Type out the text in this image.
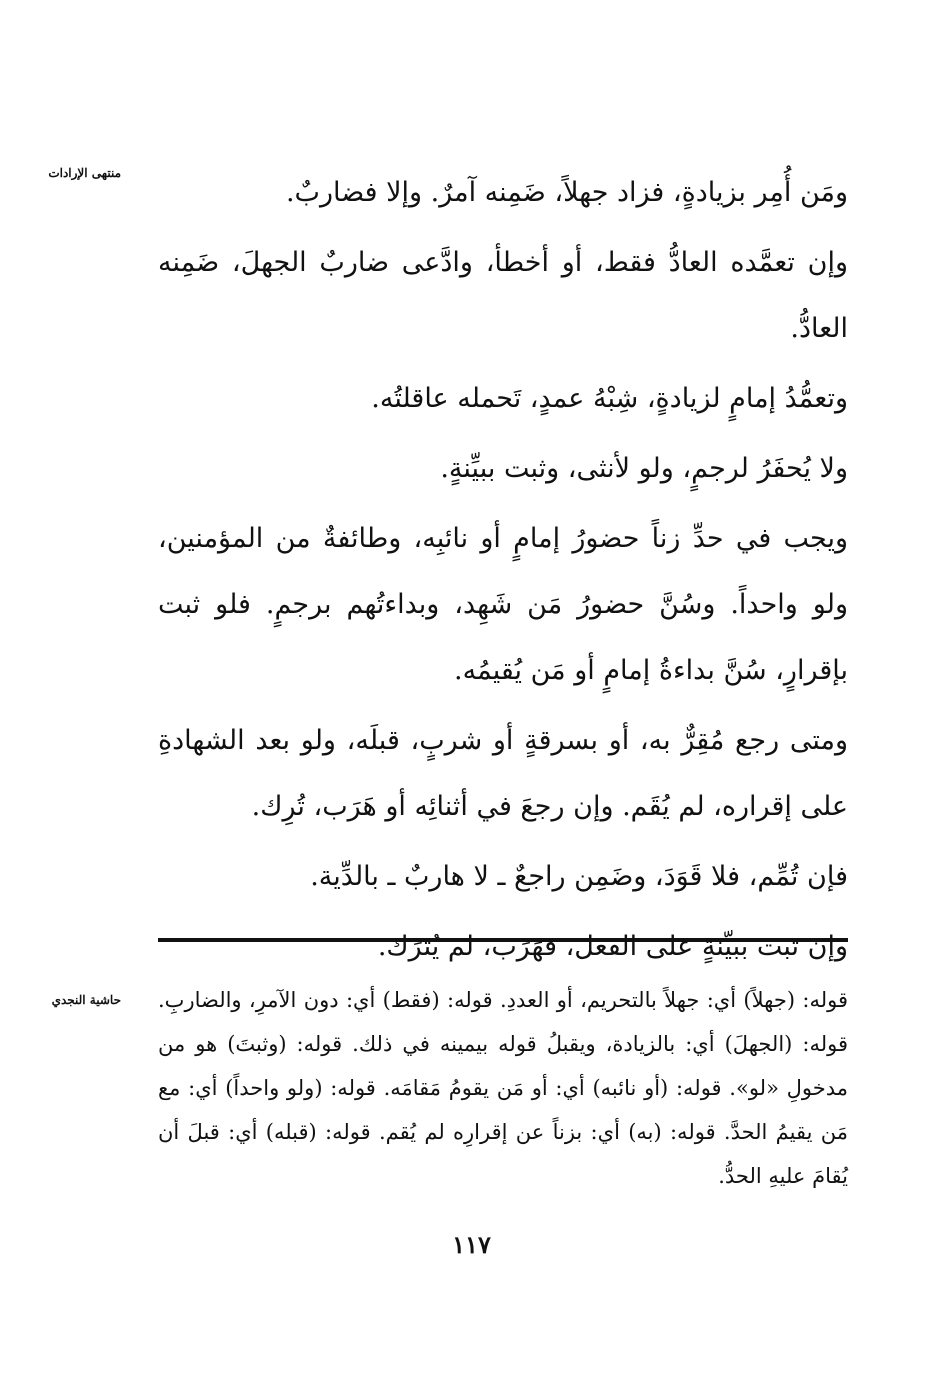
منتهى الإرادات
حاشية النجدي

ومَن أُمِر بزيادةٍ، فزاد جهلاً، ضَمِنه آمرٌ. وإلا فضاربٌ.

وإن تعمَّده العادُّ فقط، أو أخطأ، وادَّعى ضاربٌ الجهلَ، ضَمِنه العادُّ.

وتعمُّدُ إمامٍ لزيادةٍ، شِبْهُ عمدٍ، تَحمله عاقلتُه.

ولا يُحفَرُ لرجمٍ، ولو لأنثى، وثبت ببيِّنةٍ.

ويجب في حدِّ زناً حضورُ إمامٍ أو نائبِه، وطائفةٌ من المؤمنين، ولو واحداً. وسُنَّ حضورُ مَن شَهِد، وبداءتُهم برجمٍ. فلو ثبت بإقرارٍ، سُنَّ بداءةُ إمامٍ أو مَن يُقيمُه.

ومتى رجع مُقِرٌّ به، أو بسرقةٍ أو شربٍ، قبلَه، ولو بعد الشهادةِ على إقراره، لم يُقَم. وإن رجعَ في أثنائِه أو هَرَب، تُرِك.

فإن تُمِّم، فلا قَوَدَ، وضَمِن راجعٌ ـ لا هاربٌ ـ بالدِّية.

وإن ثبت ببيِّنةٍ على الفعل، فهَرَبَ، لم يُترَك.

قوله: (جهلاً) أي: جهلاً بالتحريم، أو العددِ. قوله: (فقط) أي: دون الآمرِ، والضاربِ. قوله: (الجهلَ) أي: بالزيادة، ويقبلُ قوله بيمينه في ذلك. قوله: (وثبتَ) هو من مدخولِ «لو». قوله: (أو نائبه) أي: أو مَن يقومُ مَقامَه. قوله: (ولو واحداً) أي: مع مَن يقيمُ الحدَّ. قوله: (به) أي: بزناً عن إقرارِه لم يُقم. قوله: (قبله) أي: قبلَ أن يُقامَ عليهِ الحدُّ.

١١٧
